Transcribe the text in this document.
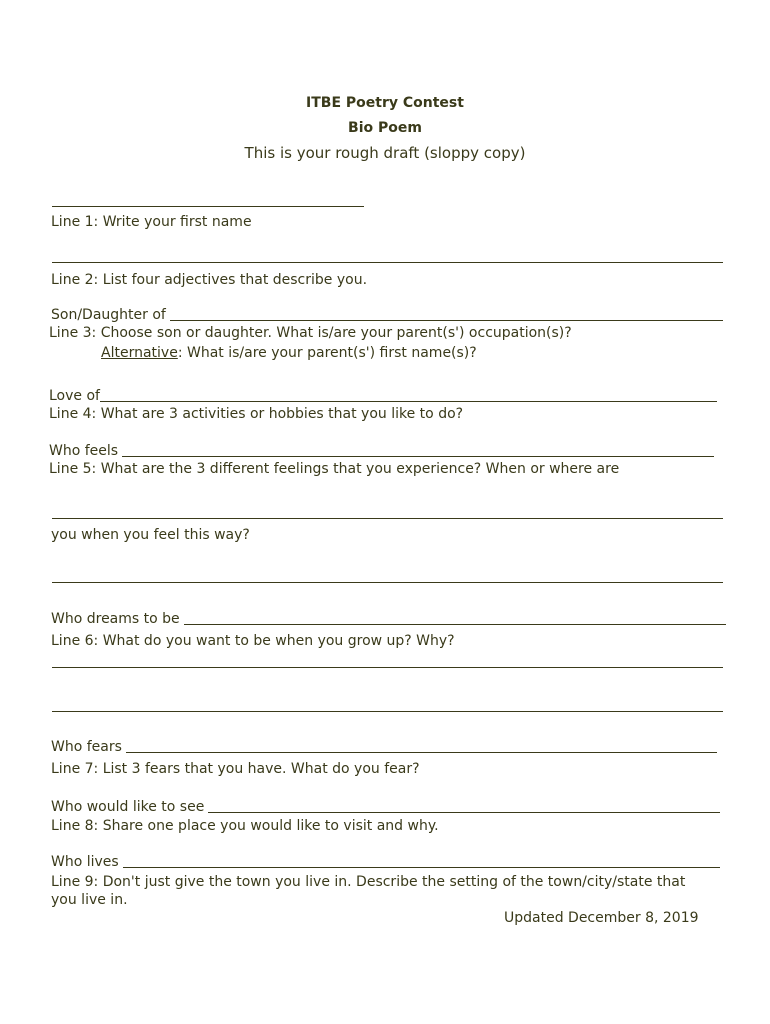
ITBE Poetry Contest
Bio Poem
This is your rough draft (sloppy copy)
Line 1: Write your first name
Line 2: List four adjectives that describe you.
Son/Daughter of
Line 3: Choose son or daughter. What is/are your parent(s') occupation(s)?
Alternative: What is/are your parent(s') first name(s)?
Love of
Line 4: What are 3 activities or hobbies that you like to do?
Who feels
Line 5: What are the 3 different feelings that you experience? When or where are
you when you feel this way?
Who dreams to be
Line 6: What do you want to be when you grow up? Why?
Who fears
Line 7: List 3 fears that you have. What do you fear?
Who would like to see
Line 8: Share one place you would like to visit and why.
Who lives
Line 9: Don't just give the town you live in. Describe the setting of the town/city/state that
you live in.
Updated December 8, 2019
